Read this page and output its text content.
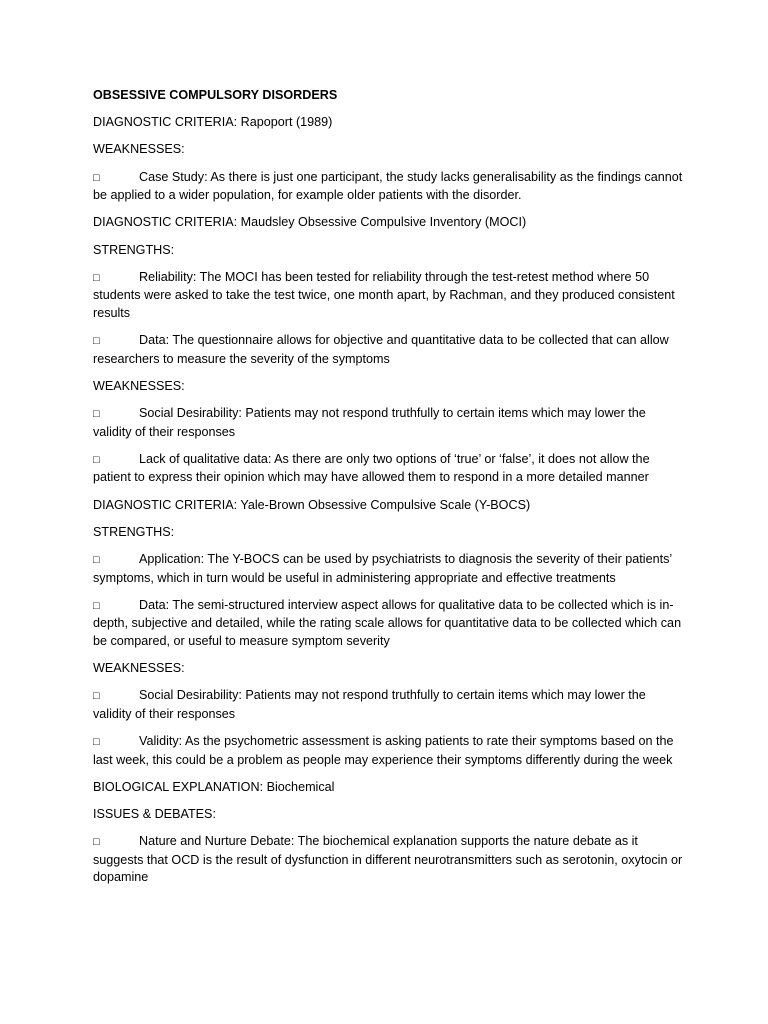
OBSESSIVE COMPULSORY DISORDERS

DIAGNOSTIC CRITERIA: Rapoport (1989)

WEAKNESSES:

□	Case Study: As there is just one participant, the study lacks generalisability as the findings cannot be applied to a wider population, for example older patients with the disorder.

DIAGNOSTIC CRITERIA: Maudsley Obsessive Compulsive Inventory (MOCI)

STRENGTHS:

□	Reliability: The MOCI has been tested for reliability through the test-retest method where 50 students were asked to take the test twice, one month apart, by Rachman, and they produced consistent results

□	Data: The questionnaire allows for objective and quantitative data to be collected that can allow researchers to measure the severity of the symptoms

WEAKNESSES:

□	Social Desirability: Patients may not respond truthfully to certain items which may lower the validity of their responses

□	Lack of qualitative data: As there are only two options of ‘true’ or ‘false’, it does not allow the patient to express their opinion which may have allowed them to respond in a more detailed manner

DIAGNOSTIC CRITERIA: Yale-Brown Obsessive Compulsive Scale (Y-BOCS)

STRENGTHS:

□	Application: The Y-BOCS can be used by psychiatrists to diagnosis the severity of their patients’ symptoms, which in turn would be useful in administering appropriate and effective treatments

□	Data: The semi-structured interview aspect allows for qualitative data to be collected which is in-depth, subjective and detailed, while the rating scale allows for quantitative data to be collected which can be compared, or useful to measure symptom severity

WEAKNESSES:

□	Social Desirability: Patients may not respond truthfully to certain items which may lower the validity of their responses

□	Validity: As the psychometric assessment is asking patients to rate their symptoms based on the last week, this could be a problem as people may experience their symptoms differently during the week

BIOLOGICAL EXPLANATION: Biochemical

ISSUES & DEBATES:

□	Nature and Nurture Debate: The biochemical explanation supports the nature debate as it suggests that OCD is the result of dysfunction in different neurotransmitters such as serotonin, oxytocin or dopamine
